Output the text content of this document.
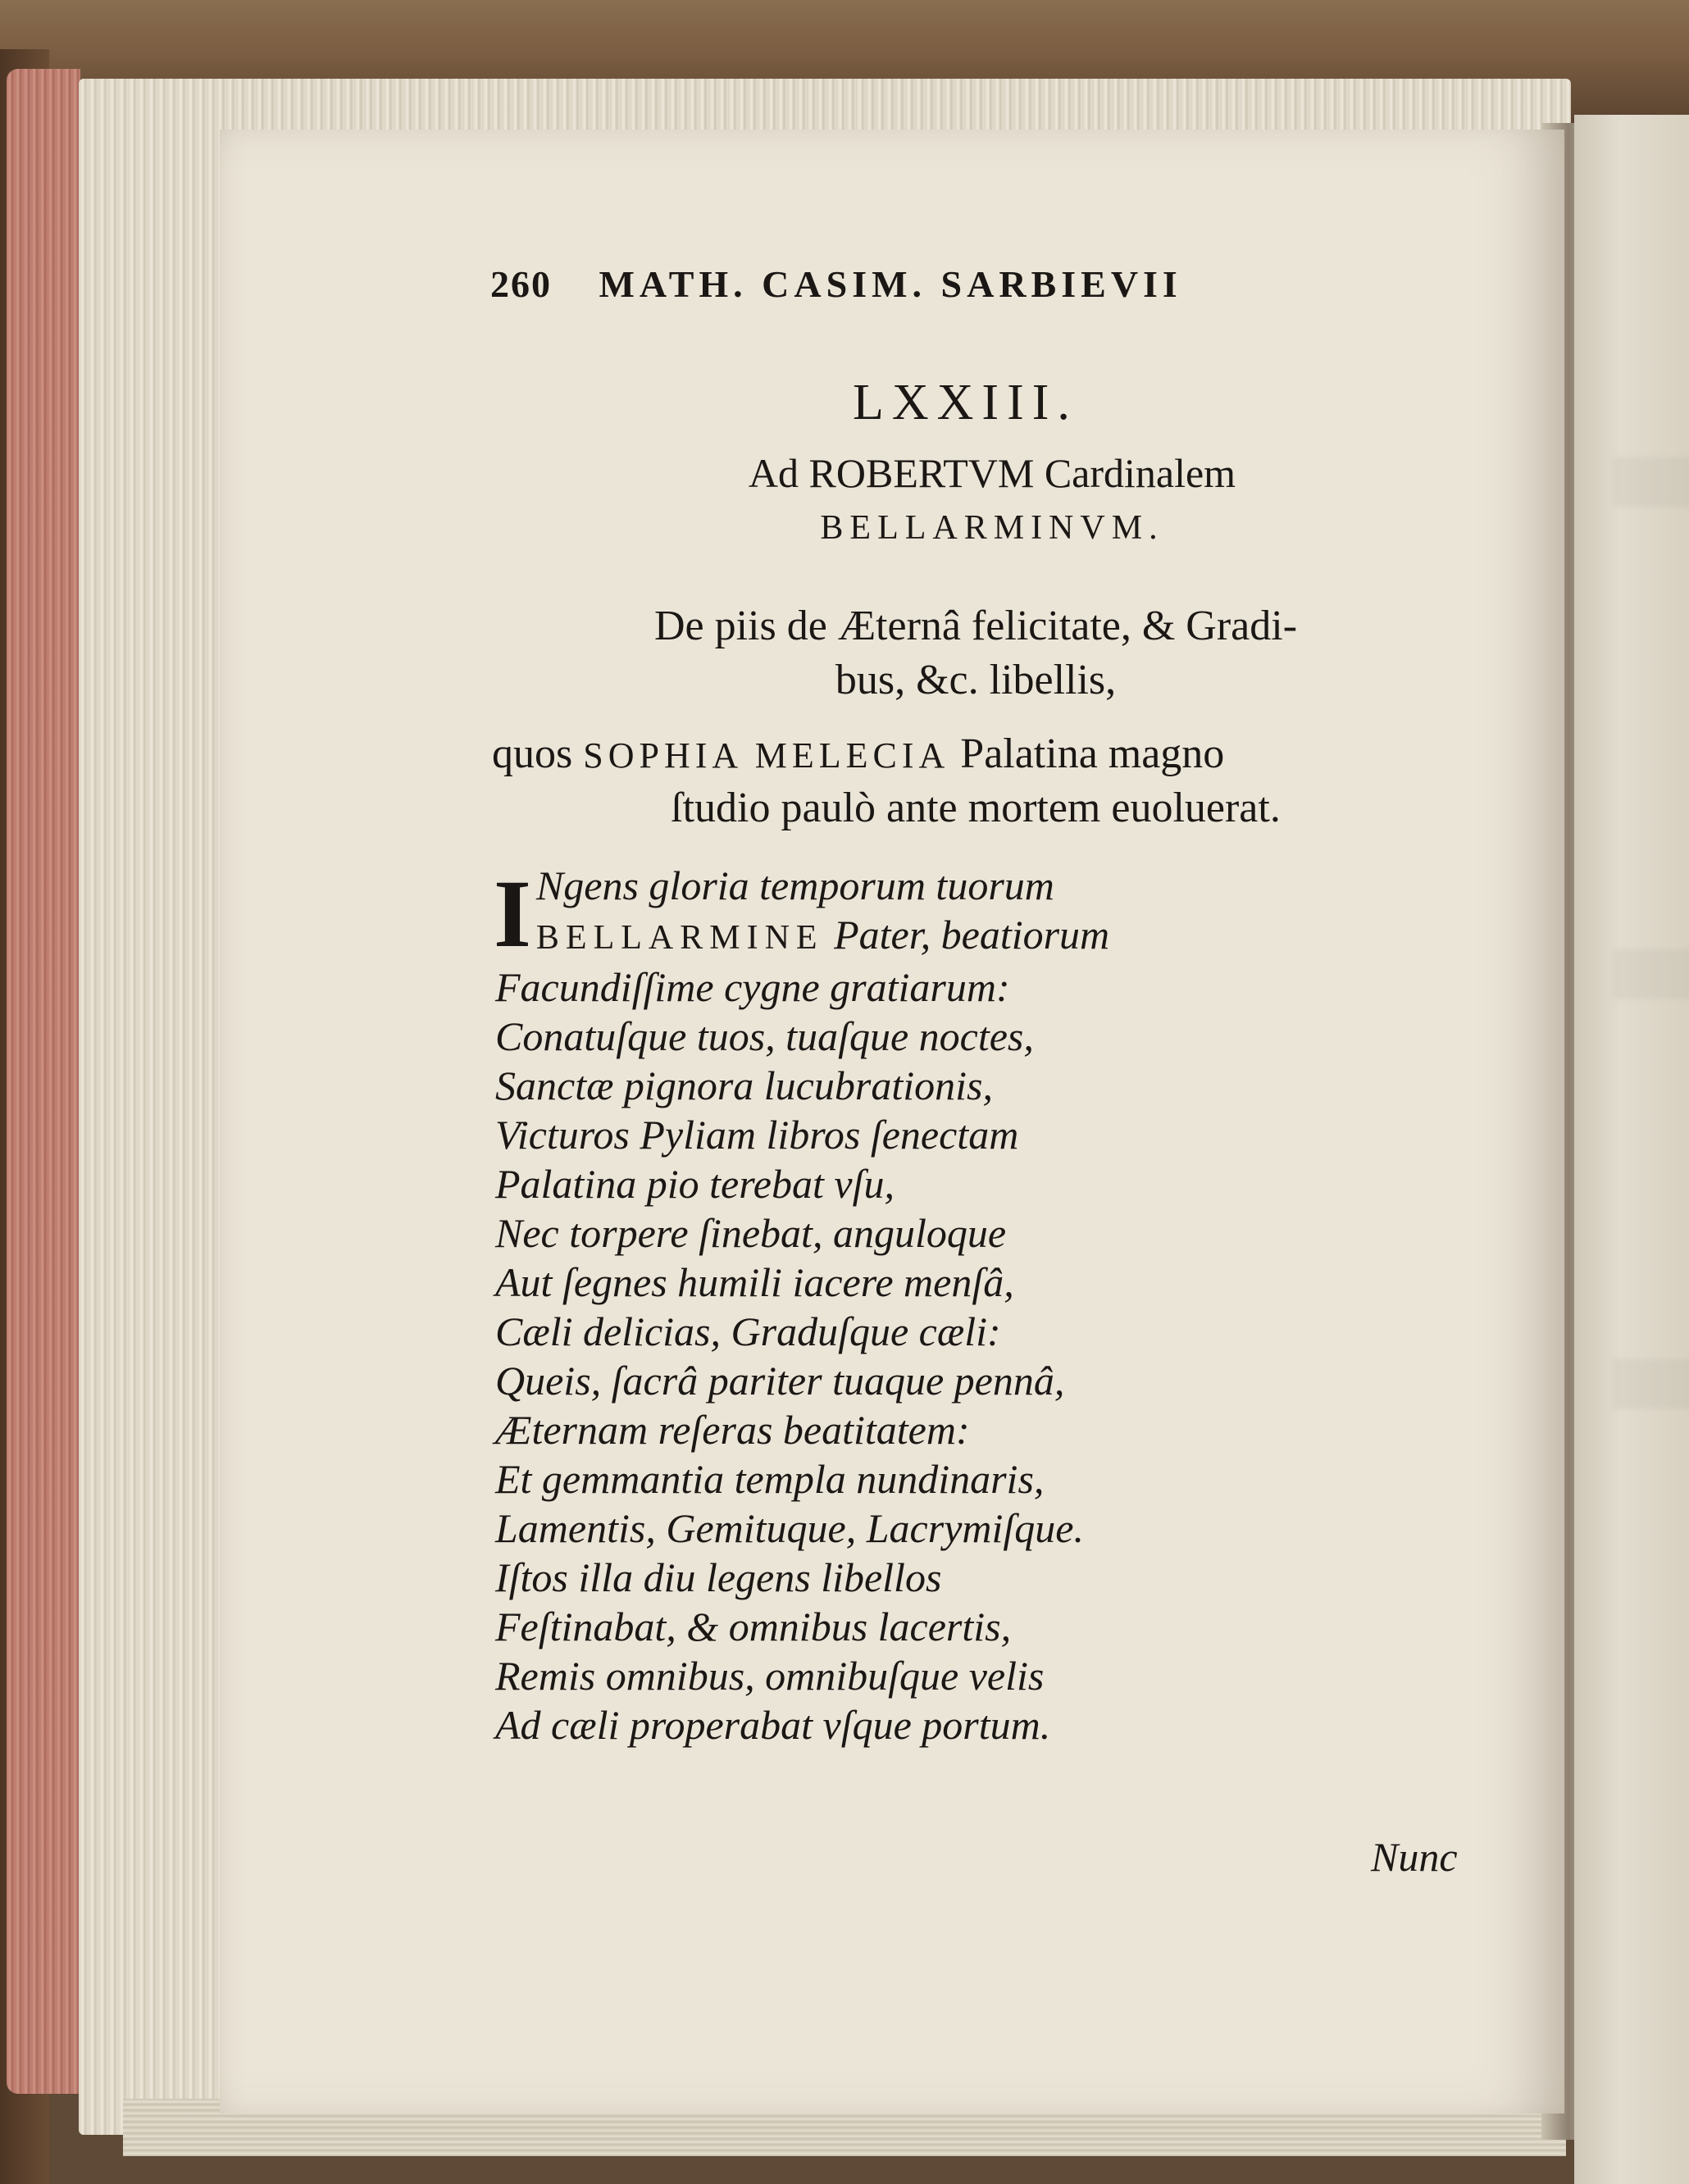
260 MATH. CASIM. SARBIEVII
LXXIII.
Ad ROBERTVM Cardinalem
BELLARMINVM.
De piis de Æternâ felicitate, & Gradi-
bus, &c. libellis,
quos SOPHIA MELECIA Palatina magno
ſtudio paulò ante mortem euoluerat.
I Ngens gloria temporum tuorum
BELLARMINE Pater, beatiorum
Facundiſſime cygne gratiarum:
Conatuſque tuos, tuaſque noctes,
Sanctæ pignora lucubrationis,
Victuros Pyliam libros ſenectam
Palatina pio terebat vſu,
Nec torpere ſinebat, anguloque
Aut ſegnes humili iacere menſâ,
Cæli delicias, Graduſque cæli:
Queis, ſacrâ pariter tuaque pennâ,
Æternam reſeras beatitatem:
Et gemmantia templa nundinaris,
Lamentis, Gemituque, Lacrymiſque.
Iſtos illa diu legens libellos
Feſtinabat, & omnibus lacertis,
Remis omnibus, omnibuſque velis
Ad cæli properabat vſque portum.
Nunc
